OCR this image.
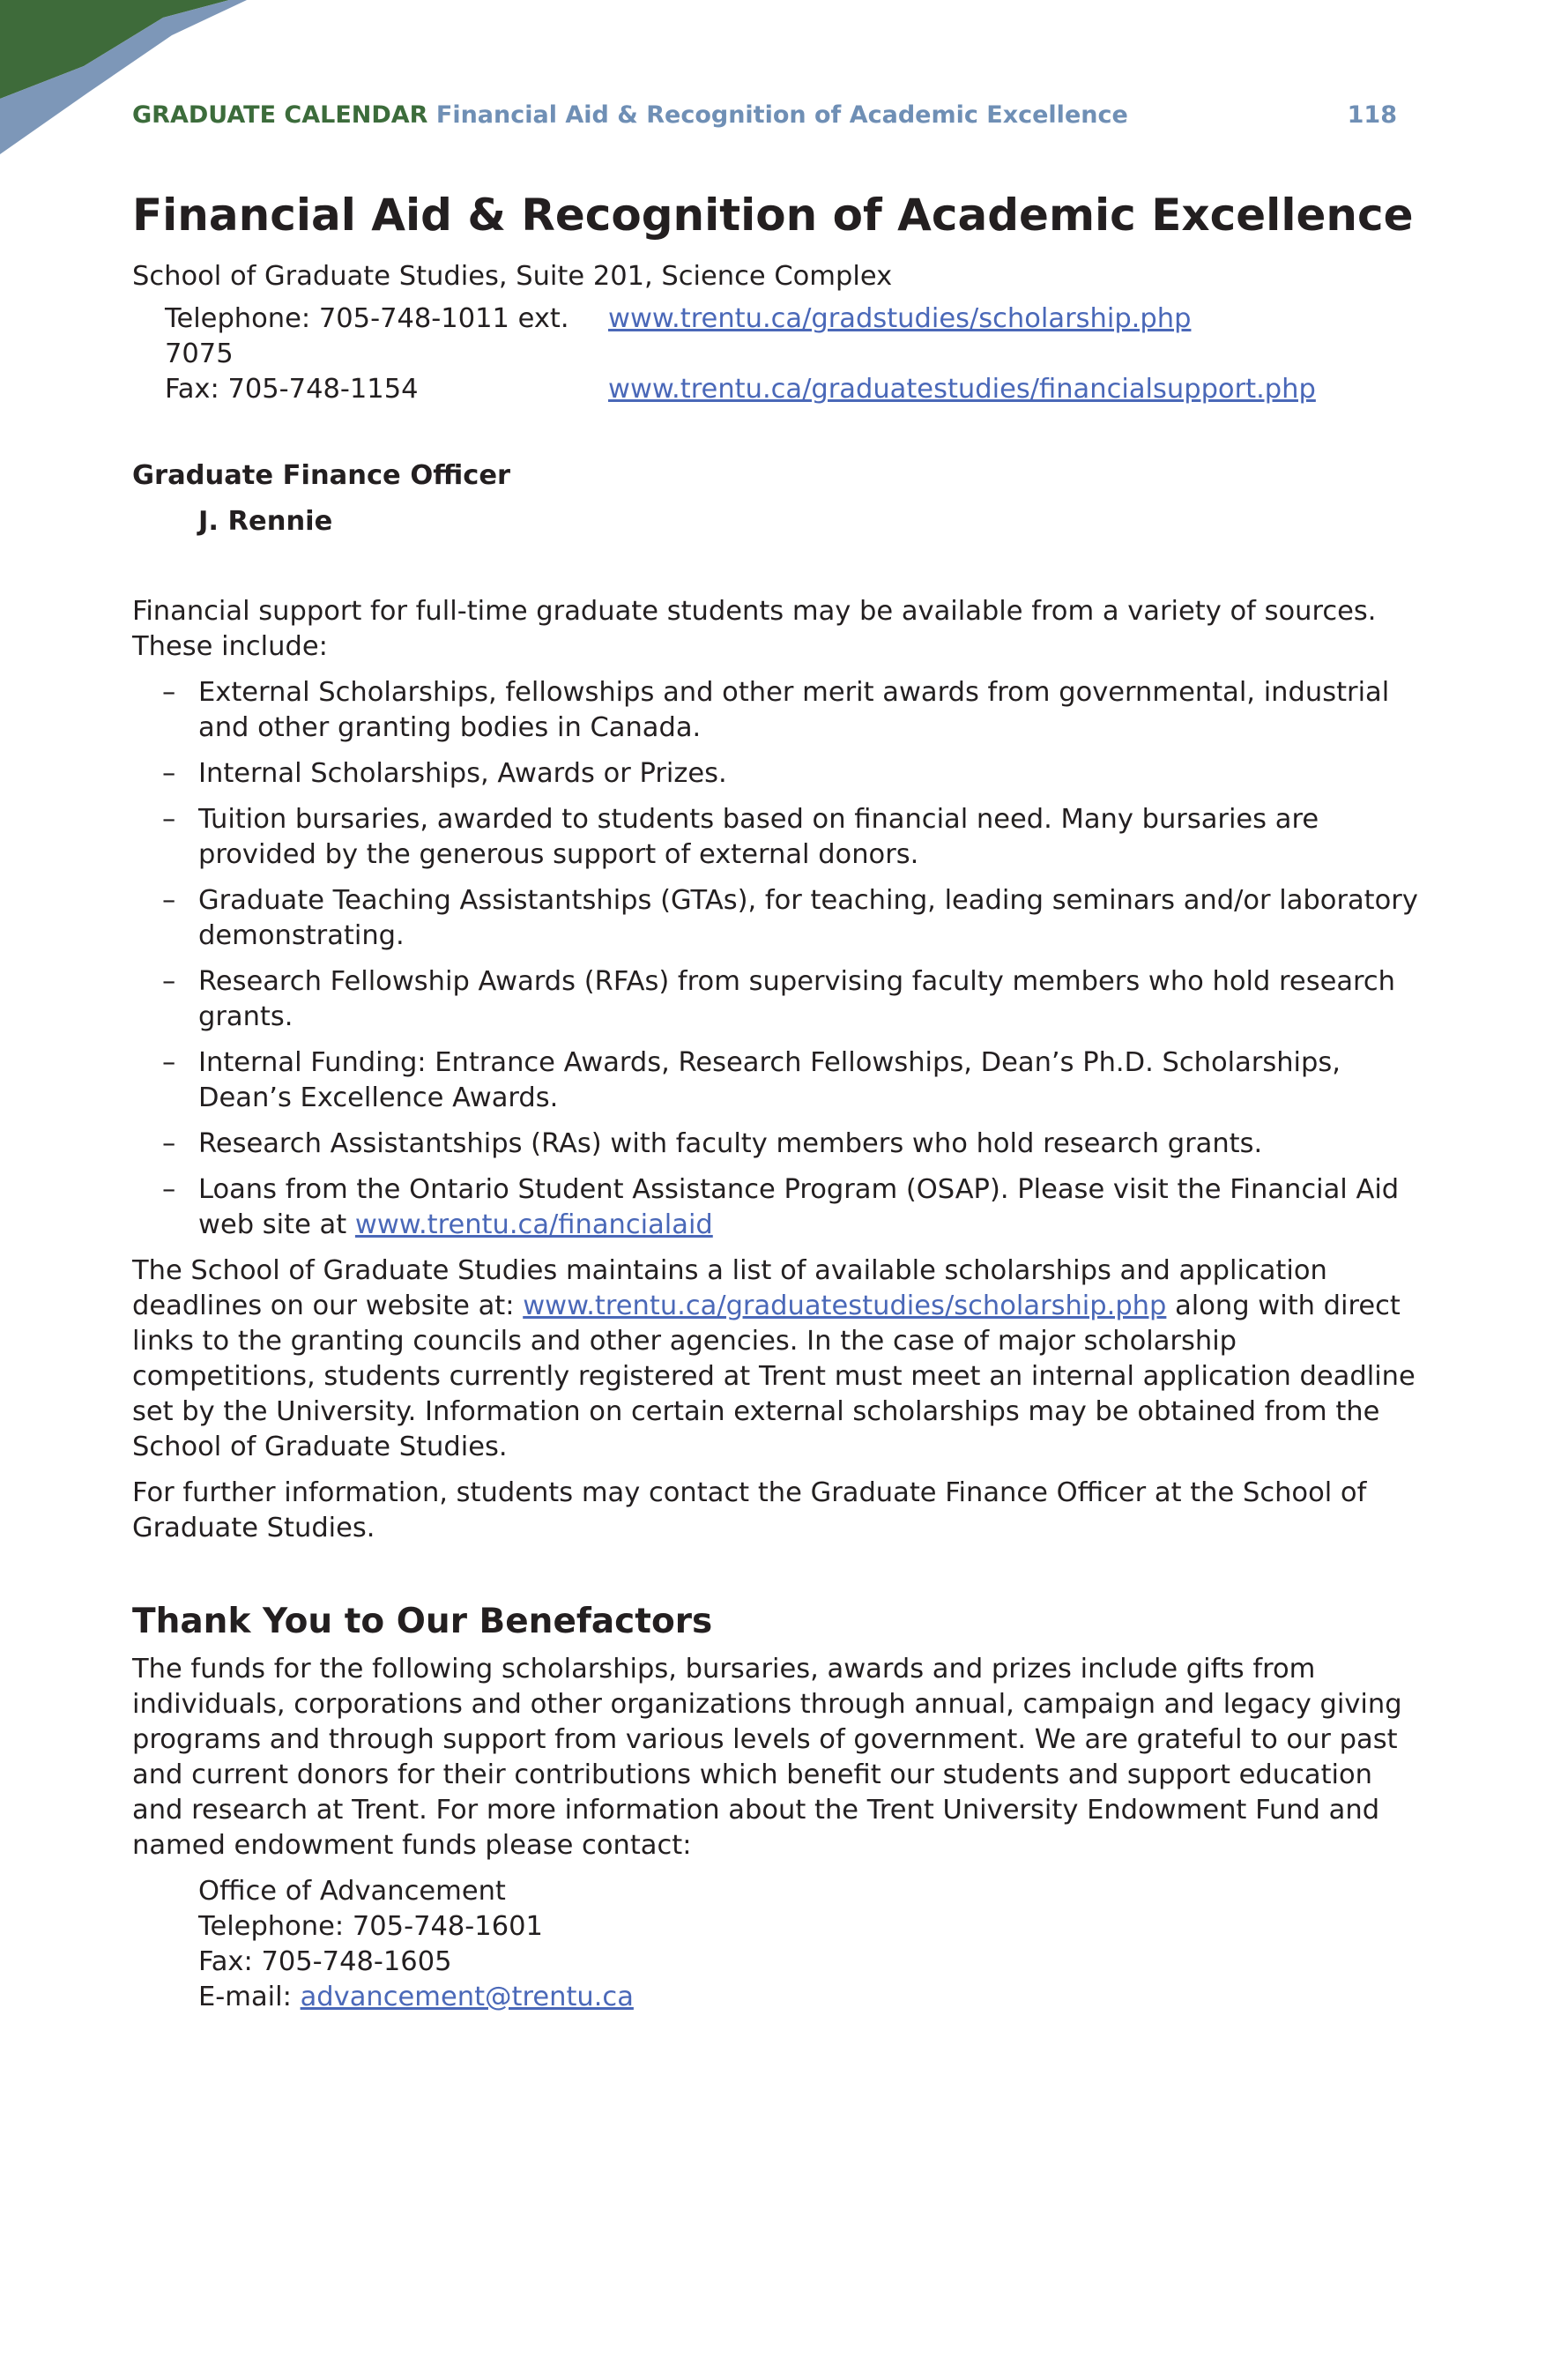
GRADUATE CALENDAR Financial Aid & Recognition of Academic Excellence	118
Financial Aid & Recognition of Academic Excellence
School of Graduate Studies, Suite 201, Science Complex
Telephone: 705-748-1011 ext. 7075
www.trentu.ca/gradstudies/scholarship.php
Fax: 705-748-1154	www.trentu.ca/graduatestudies/financialsupport.php
Graduate Finance Officer
J. Rennie
Financial support for full-time graduate students may be available from a variety of sources. These include:
– External Scholarships, fellowships and other merit awards from governmental, industrial and other granting bodies in Canada.
– Internal Scholarships, Awards or Prizes.
– Tuition bursaries, awarded to students based on financial need. Many bursaries are provided by the generous support of external donors.
– Graduate Teaching Assistantships (GTAs), for teaching, leading seminars and/or laboratory demonstrating.
– Research Fellowship Awards (RFAs) from supervising faculty members who hold research grants.
– Internal Funding: Entrance Awards, Research Fellowships, Dean’s Ph.D. Scholarships, Dean’s Excellence Awards.
– Research Assistantships (RAs) with faculty members who hold research grants.
– Loans from the Ontario Student Assistance Program (OSAP). Please visit the Financial Aid web site at www.trentu.ca/financialaid

The School of Graduate Studies maintains a list of available scholarships and application deadlines on our website at: www.trentu.ca/graduatestudies/scholarship.php along with direct links to the granting councils and other agencies. In the case of major scholarship competitions, students currently registered at Trent must meet an internal application deadline set by the University. Information on certain external scholarships may be obtained from the School of Graduate Studies.

For further information, students may contact the Graduate Finance Officer at the School of Graduate Studies.

Thank You to Our Benefactors

The funds for the following scholarships, bursaries, awards and prizes include gifts from individuals, corporations and other organizations through annual, campaign and legacy giving programs and through support from various levels of government. We are grateful to our past and current donors for their contributions which benefit our students and support education and research at Trent. For more information about the Trent University Endowment Fund and named endowment funds please contact:

Office of Advancement
Telephone: 705-748-1601
Fax: 705-748-1605
E-mail: advancement@trentu.ca
